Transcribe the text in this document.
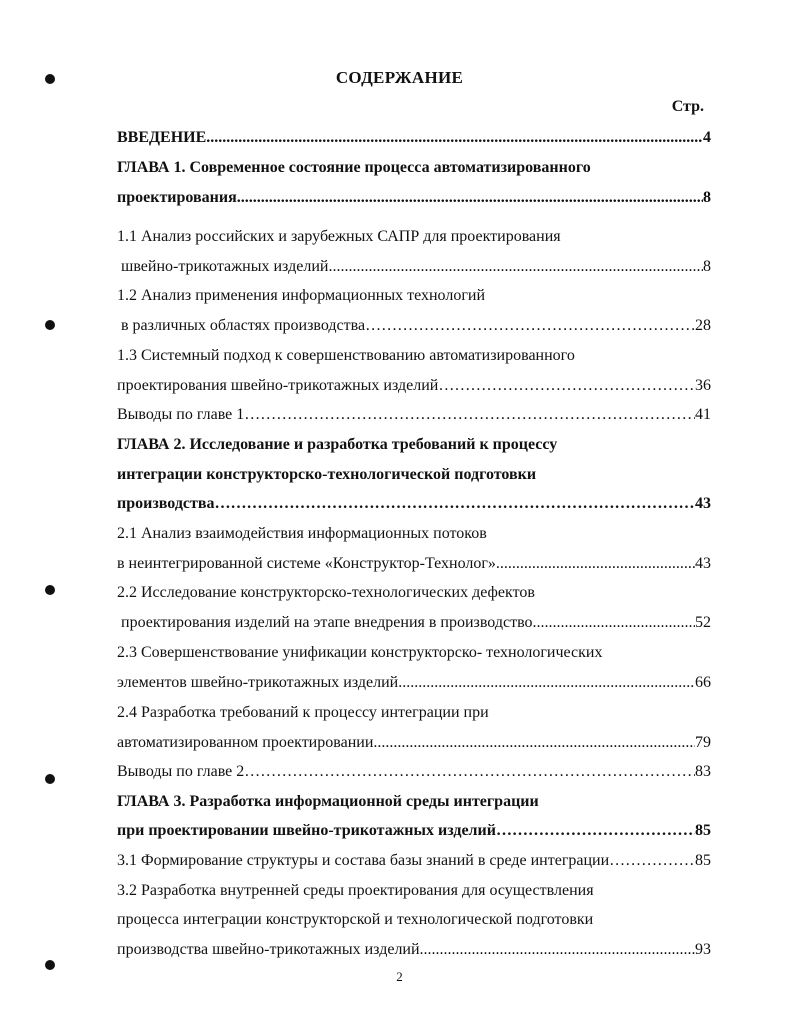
СОДЕРЖАНИЕ
Стр.
ВВЕДЕНИЕ .....	4
ГЛАВА 1. Современное состояние процесса автоматизированного
проектирования .....	8
1.1 Анализ российских и зарубежных САПР для проектирования
швейно-трикотажных изделий .....	8
1.2 Анализ применения информационных технологий
в различных областях производства ……………………………………………………………………………………………………………………………………………………………………………………	28
1.3 Системный подход к совершенствованию автоматизированного
проектирования швейно-трикотажных изделий ……………………………………………………………………………………………………………………………………………………………………………………	36
Выводы по главе 1 ……………………………………………………………………………………………………………………………………………………………………………………	41
ГЛАВА 2. Исследование и разработка требований к процессу
интеграции конструкторско-технологической подготовки
производства ……………………………………………………………………………………………………………………………………………………………………………………	43
2.1 Анализ взаимодействия информационных потоков
в неинтегрированной системе «Конструктор-Технолог» .....	43
2.2 Исследование конструкторско-технологических дефектов
проектирования изделий на этапе внедрения в производство .....	52
2.3 Совершенствование унификации конструкторско- технологических
элементов швейно-трикотажных изделий .....	66
2.4 Разработка требований к процессу интеграции при
автоматизированном проектировании .....	79
Выводы по главе 2 ……………………………………………………………………………………………………………………………………………………………………………………	83
ГЛАВА 3. Разработка информационной среды интеграции
при проектировании швейно-трикотажных изделий ……………………………………………………………………………………………………………………………………………………………………………………	85
3.1 Формирование структуры и состава базы знаний в среде интеграции ……………………………………………………………………………………………………………………………………………………………………………………	85
3.2 Разработка внутренней среды проектирования для осуществления
процесса интеграции конструкторской и технологической подготовки
производства швейно-трикотажных изделий .....	93
2
